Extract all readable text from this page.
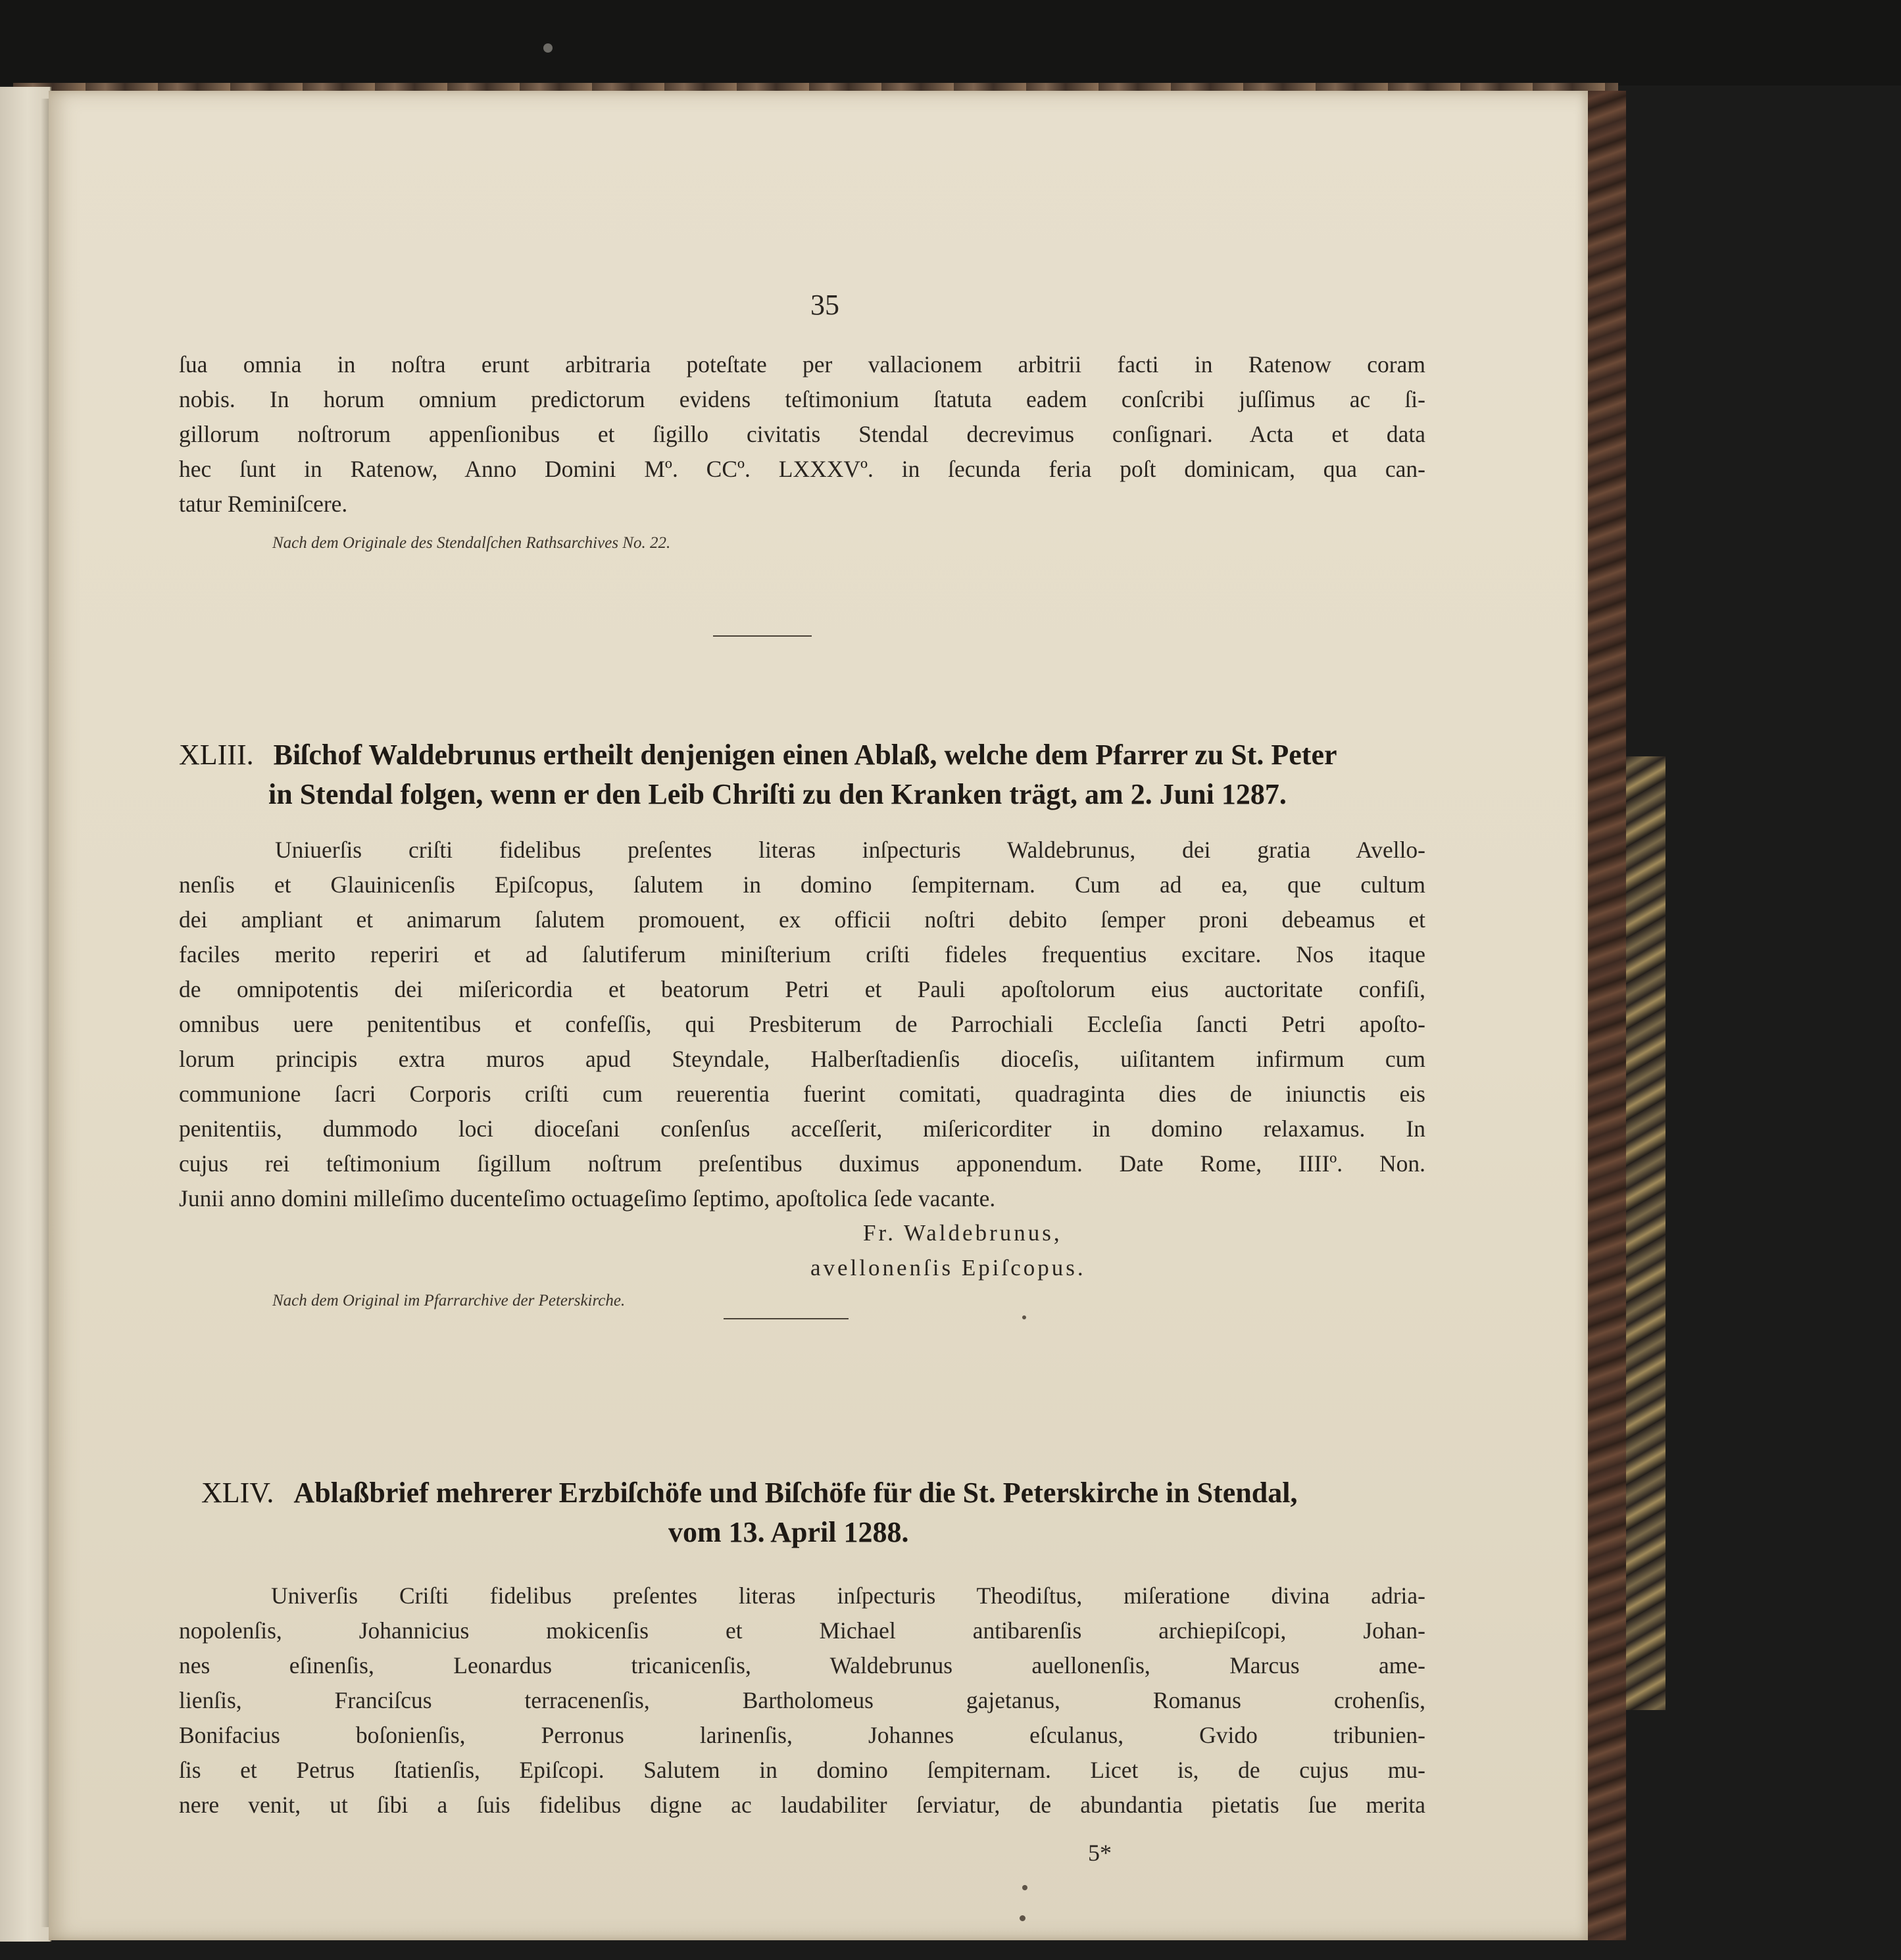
35
ſua omnia in noſtra erunt arbitraria poteſtate per vallacionem arbitrii facti in Ratenow coram
nobis. In horum omnium predictorum evidens teſtimonium ſtatuta eadem conſcribi juſſimus ac ſi-
gillorum noſtrorum appenſionibus et ſigillo civitatis Stendal decrevimus conſignari. Acta et data
hec ſunt in Ratenow, Anno Domini Mº. CCº. LXXXVº. in ſecunda feria poſt dominicam, qua can-
tatur Reminiſcere.
Nach dem Originale des Stendalſchen Rathsarchives No. 22.
XLIII. Biſchof Waldebrunus ertheilt denjenigen einen Ablaß, welche dem Pfarrer zu St. Peter
in Stendal folgen, wenn er den Leib Chriſti zu den Kranken trägt, am 2. Juni 1287.
Uniuerſis criſti fidelibus preſentes literas inſpecturis Waldebrunus, dei gratia Avello-
nenſis et Glauinicenſis Epiſcopus, ſalutem in domino ſempiternam. Cum ad ea, que cultum
dei ampliant et animarum ſalutem promouent, ex officii noſtri debito ſemper proni debeamus et
faciles merito reperiri et ad ſalutiferum miniſterium criſti fideles frequentius excitare. Nos itaque
de omnipotentis dei miſericordia et beatorum Petri et Pauli apoſtolorum eius auctoritate confiſi,
omnibus uere penitentibus et confeſſis, qui Presbiterum de Parrochiali Eccleſia ſancti Petri apoſto-
lorum principis extra muros apud Steyndale, Halberſtadienſis dioceſis, uiſitantem infirmum cum
communione ſacri Corporis criſti cum reuerentia fuerint comitati, quadraginta dies de iniunctis eis
penitentiis, dummodo loci dioceſani conſenſus acceſſerit, miſericorditer in domino relaxamus. In
cujus rei teſtimonium ſigillum noſtrum preſentibus duximus apponendum. Date Rome, IIIIº. Non.
Junii anno domini milleſimo ducenteſimo octuageſimo ſeptimo, apoſtolica ſede vacante.
Fr. Waldebrunus,
avellonenſis Epiſcopus.
Nach dem Original im Pfarrarchive der Peterskirche.
XLIV. Ablaßbrief mehrerer Erzbiſchöfe und Biſchöfe für die St. Peterskirche in Stendal,
vom 13. April 1288.
Univerſis Criſti fidelibus preſentes literas inſpecturis Theodiſtus, miſeratione divina adria-
nopolenſis, Johannicius mokicenſis et Michael antibarenſis archiepiſcopi, Johan-
nes eſinenſis, Leonardus tricanicenſis, Waldebrunus auellonenſis, Marcus ame-
lienſis, Franciſcus terracenenſis, Bartholomeus gajetanus, Romanus crohenſis,
Bonifacius boſonienſis, Perronus larinenſis, Johannes eſculanus, Gvido tribunien-
ſis et Petrus ſtatienſis, Epiſcopi. Salutem in domino ſempiternam. Licet is, de cujus mu-
nere venit, ut ſibi a ſuis fidelibus digne ac laudabiliter ſerviatur, de abundantia pietatis ſue merita
5*
